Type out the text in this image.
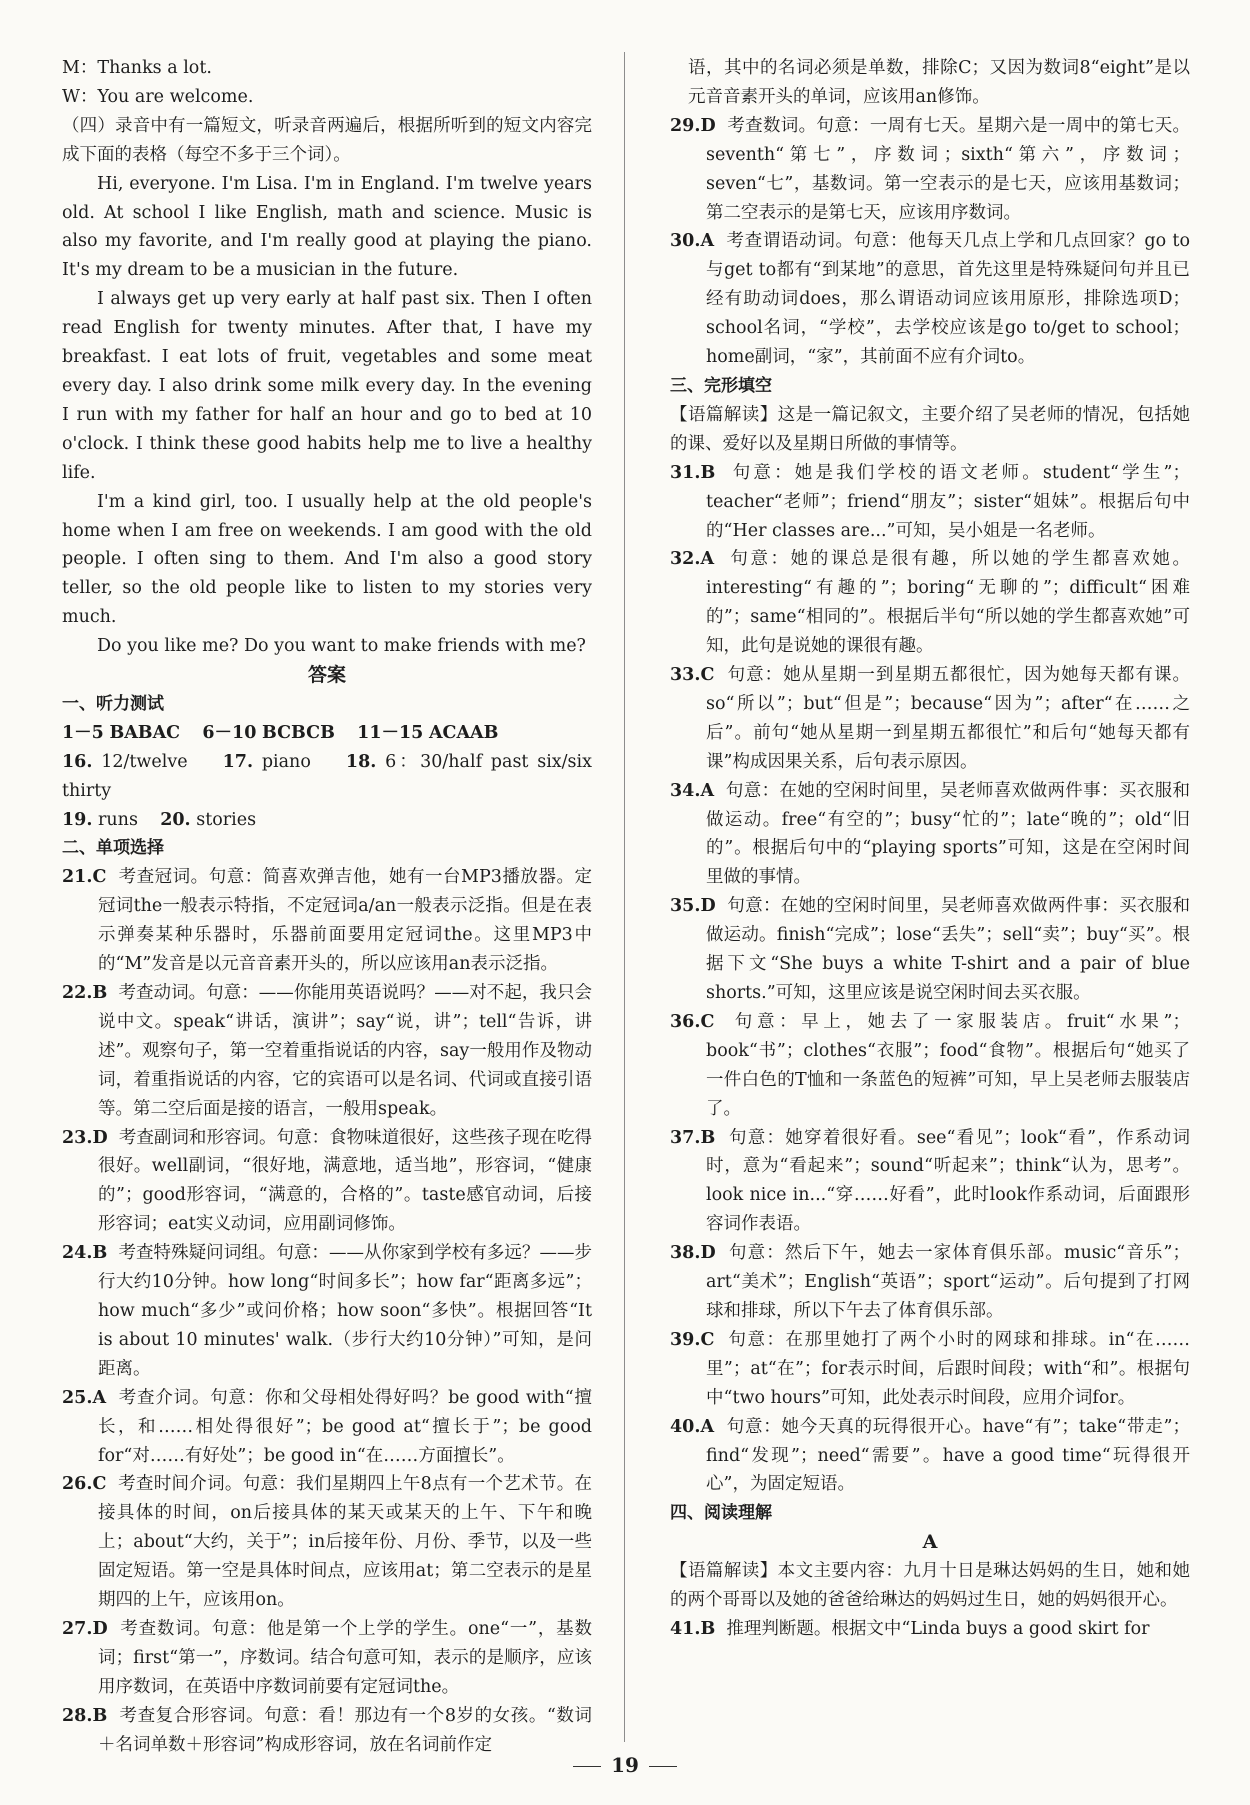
M：Thanks a lot.

W：You are welcome.

（四）录音中有一篇短文，听录音两遍后，根据所听到的短文内容完成下面的表格（每空不多于三个词）。

Hi, everyone. I'm Lisa. I'm in England. I'm twelve years old. At school I like English, math and science. Music is also my favorite, and I'm really good at playing the piano. It's my dream to be a musician in the future.

I always get up very early at half past six. Then I often read English for twenty minutes. After that, I have my breakfast. I eat lots of fruit, vegetables and some meat every day. I also drink some milk every day. In the evening I run with my father for half an hour and go to bed at 10 o'clock. I think these good habits help me to live a healthy life.

I'm a kind girl, too. I usually help at the old people's home when I am free on weekends. I am good with the old people. I often sing to them. And I'm also a good story teller, so the old people like to listen to my stories very much.

Do you like me? Do you want to make friends with me?

答案

一、听力测试

1－5 BABAC 6－10 BCBCB 11－15 ACAAB

16. 12/twelve 17. piano 18. 6：30/half past six/six thirty

19. runs 20. stories

二、单项选择

21.C 考查冠词。句意：简喜欢弹吉他，她有一台MP3播放器。定冠词the一般表示特指，不定冠词a/an一般表示泛指。但是在表示弹奏某种乐器时，乐器前面要用定冠词the。这里MP3中的“M”发音是以元音音素开头的，所以应该用an表示泛指。

22.B 考查动词。句意：——你能用英语说吗？——对不起，我只会说中文。speak“讲话，演讲”；say“说，讲”；tell“告诉，讲述”。观察句子，第一空着重指说话的内容，say一般用作及物动词，着重指说话的内容，它的宾语可以是名词、代词或直接引语等。第二空后面是接的语言，一般用speak。

23.D 考查副词和形容词。句意：食物味道很好，这些孩子现在吃得很好。well副词，“很好地，满意地，适当地”，形容词，“健康的”；good形容词，“满意的，合格的”。taste感官动词，后接形容词；eat实义动词，应用副词修饰。

24.B 考查特殊疑问词组。句意：——从你家到学校有多远？——步行大约10分钟。how long“时间多长”；how far“距离多远”；how much“多少”或问价格；how soon“多快”。根据回答“It is about 10 minutes' walk.（步行大约10分钟）”可知，是问距离。

25.A 考查介词。句意：你和父母相处得好吗？be good with“擅长，和……相处得很好”；be good at“擅长于”；be good for“对……有好处”；be good in“在……方面擅长”。

26.C 考查时间介词。句意：我们星期四上午8点有一个艺术节。在接具体的时间，on后接具体的某天或某天的上午、下午和晚上；about“大约，关于”；in后接年份、月份、季节，以及一些固定短语。第一空是具体时间点，应该用at；第二空表示的是星期四的上午，应该用on。

27.D 考查数词。句意：他是第一个上学的学生。one“一”，基数词；first“第一”，序数词。结合句意可知，表示的是顺序，应该用序数词，在英语中序数词前要有定冠词the。

28.B 考查复合形容词。句意：看！那边有一个8岁的女孩。“数词＋名词单数＋形容词”构成形容词，放在名词前作定

语，其中的名词必须是单数，排除C；又因为数词8“eight”是以元音音素开头的单词，应该用an修饰。

29.D 考查数词。句意：一周有七天。星期六是一周中的第七天。seventh“第七”，序数词；sixth“第六”，序数词；seven“七”，基数词。第一空表示的是七天，应该用基数词；第二空表示的是第七天，应该用序数词。

30.A 考查谓语动词。句意：他每天几点上学和几点回家？go to与get to都有“到某地”的意思，首先这里是特殊疑问句并且已经有助动词does，那么谓语动词应该用原形，排除选项D；school名词，“学校”，去学校应该是go to/get to school；home副词，“家”，其前面不应有介词to。

三、完形填空

【语篇解读】这是一篇记叙文，主要介绍了吴老师的情况，包括她的课、爱好以及星期日所做的事情等。

31.B 句意：她是我们学校的语文老师。student“学生”；teacher“老师”；friend“朋友”；sister“姐妹”。根据后句中的“Her classes are...”可知，吴小姐是一名老师。

32.A 句意：她的课总是很有趣，所以她的学生都喜欢她。interesting“有趣的”；boring“无聊的”；difficult“困难的”；same“相同的”。根据后半句“所以她的学生都喜欢她”可知，此句是说她的课很有趣。

33.C 句意：她从星期一到星期五都很忙，因为她每天都有课。so“所以”；but“但是”；because“因为”；after“在……之后”。前句“她从星期一到星期五都很忙”和后句“她每天都有课”构成因果关系，后句表示原因。

34.A 句意：在她的空闲时间里，吴老师喜欢做两件事：买衣服和做运动。free“有空的”；busy“忙的”；late“晚的”；old“旧的”。根据后句中的“playing sports”可知，这是在空闲时间里做的事情。

35.D 句意：在她的空闲时间里，吴老师喜欢做两件事：买衣服和做运动。finish“完成”；lose“丢失”；sell“卖”；buy“买”。根据下文“She buys a white T-shirt and a pair of blue shorts.”可知，这里应该是说空闲时间去买衣服。

36.C 句意：早上，她去了一家服装店。fruit“水果”；book“书”；clothes“衣服”；food“食物”。根据后句“她买了一件白色的T恤和一条蓝色的短裤”可知，早上吴老师去服装店了。

37.B 句意：她穿着很好看。see“看见”；look“看”，作系动词时，意为“看起来”；sound“听起来”；think“认为，思考”。look nice in...“穿……好看”，此时look作系动词，后面跟形容词作表语。

38.D 句意：然后下午，她去一家体育俱乐部。music“音乐”；art“美术”；English“英语”；sport“运动”。后句提到了打网球和排球，所以下午去了体育俱乐部。

39.C 句意：在那里她打了两个小时的网球和排球。in“在……里”；at“在”；for表示时间，后跟时间段；with“和”。根据句中“two hours”可知，此处表示时间段，应用介词for。

40.A 句意：她今天真的玩得很开心。have“有”；take“带走”；find“发现”；need“需要”。have a good time“玩得很开心”，为固定短语。

四、阅读理解

A

【语篇解读】本文主要内容：九月十日是琳达妈妈的生日，她和她的两个哥哥以及她的爸爸给琳达的妈妈过生日，她的妈妈很开心。

41.B 推理判断题。根据文中“Linda buys a good skirt for

19
